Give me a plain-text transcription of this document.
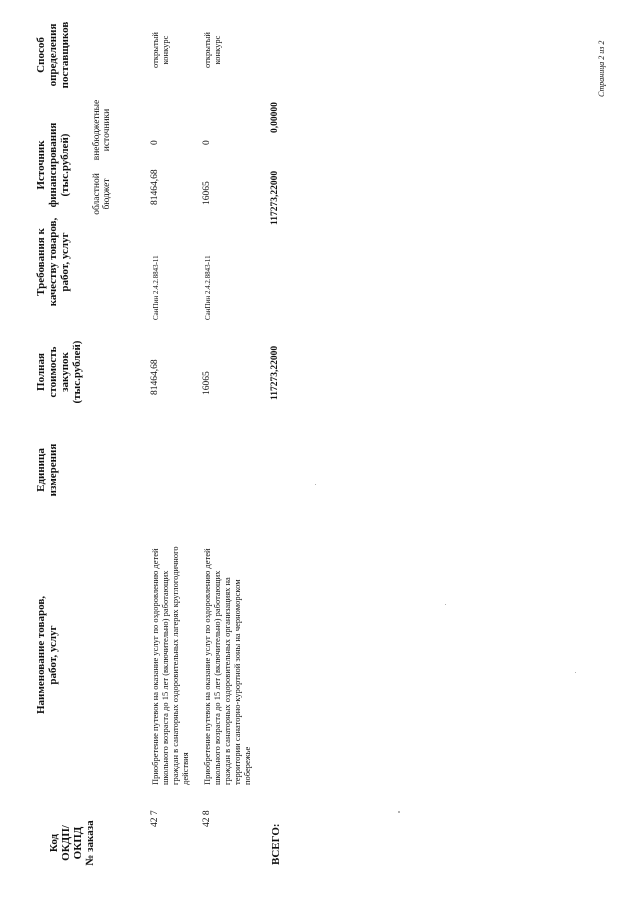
Код ОКДП/ ОКПД № заказа
Наименование товаров, работ, услуг
Единица измерения
Полная стоимость закупок (тыс.рублей)
Требования к качеству товаров, работ, услуг
Источник финансирования (тыс.рублей) областной бюджет
внебюджетные источники
Способ определения поставщиков
42 7
Приобретение путевок на оказание услуг по оздоровлению детей школьного возраста до 15 лет (включительно) работающих граждан в санаторных оздоровительных лагерях круглогодичного действия
81464,68
СанПин 2.4.2.8843-11
81464,68
0
открытый конкурс
42 8
Приобретение путевок на оказание услуг по оздоровлению детей школьного возраста до 15 лет (включительно) работающих граждан в санаторных оздоровительных организациях на территории санаторно-курортной зоны на черноморском побережье
16065
СанПин 2.4.2.8843-11
16065
0
открытый конкурс
ВСЕГО:
117273,22000
117273,22000
0,00000
Страница 2 из 2
